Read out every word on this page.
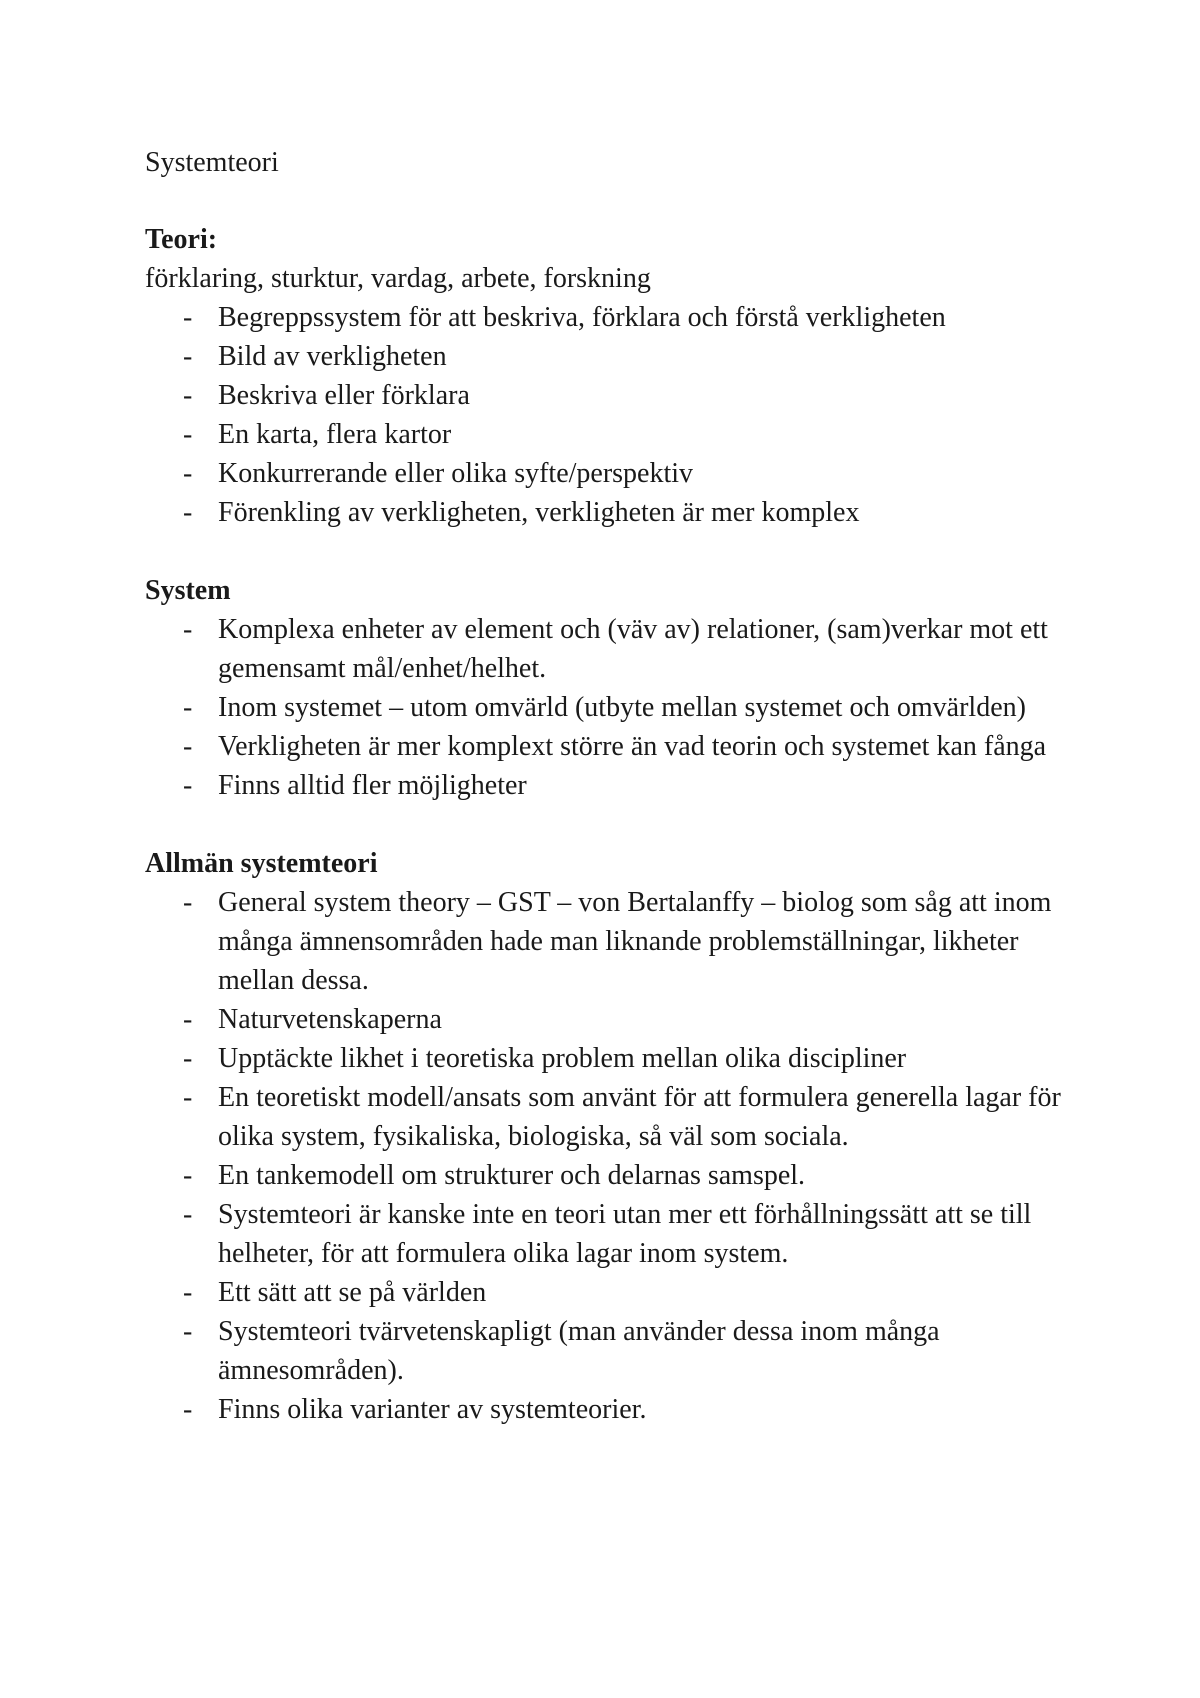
Systemteori

Teori:

förklaring, sturktur, vardag, arbete, forskning

- Begreppssystem för att beskriva, förklara och förstå verkligheten
- Bild av verkligheten
- Beskriva eller förklara
- En karta, flera kartor
- Konkurrerande eller olika syfte/perspektiv
- Förenkling av verkligheten, verkligheten är mer komplex

System

- Komplexa enheter av element och (väv av) relationer, (sam)verkar mot ett gemensamt mål/enhet/helhet.
- Inom systemet – utom omvärld (utbyte mellan systemet och omvärlden)
- Verkligheten är mer komplext större än vad teorin och systemet kan fånga
- Finns alltid fler möjligheter

Allmän systemteori

- General system theory – GST – von Bertalanffy – biolog som såg att inom många ämnensområden hade man liknande problemställningar, likheter mellan dessa.
- Naturvetenskaperna
- Upptäckte likhet i teoretiska problem mellan olika discipliner
- En teoretiskt modell/ansats som använt för att formulera generella lagar för olika system, fysikaliska, biologiska, så väl som sociala.
- En tankemodell om strukturer och delarnas samspel.
- Systemteori är kanske inte en teori utan mer ett förhållningssätt att se till helheter, för att formulera olika lagar inom system.
- Ett sätt att se på världen
- Systemteori tvärvetenskapligt (man använder dessa inom många ämnesområden).
- Finns olika varianter av systemteorier.
